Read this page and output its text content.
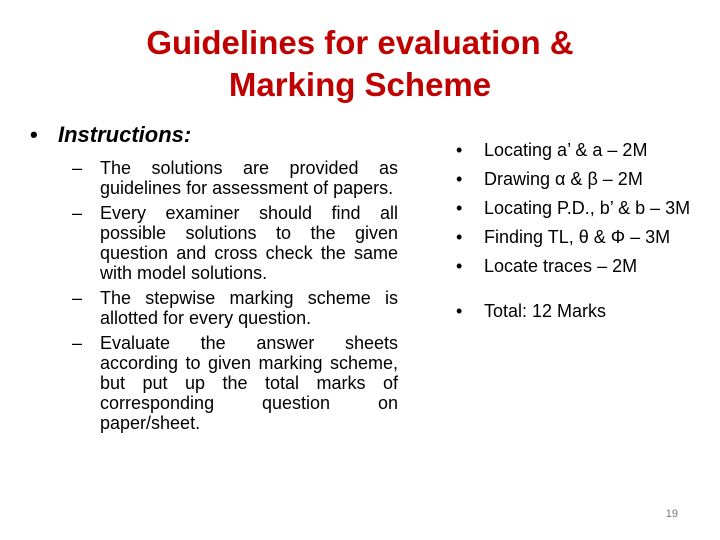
Guidelines for evaluation &
Marking Scheme
• Instructions:
– The solutions are provided as guidelines for assessment of papers.
– Every examiner should find all possible solutions to the given question and cross check the same with model solutions.
– The stepwise marking scheme is allotted for every question.
– Evaluate the answer sheets according to given marking scheme, but put up the total marks of corresponding question on paper/sheet.
• Locating a’ & a – 2M
• Drawing α & β – 2M
• Locating P.D., b’ & b – 3M
• Finding TL, θ & Φ – 3M
• Locate traces – 2M
• Total: 12 Marks
19
